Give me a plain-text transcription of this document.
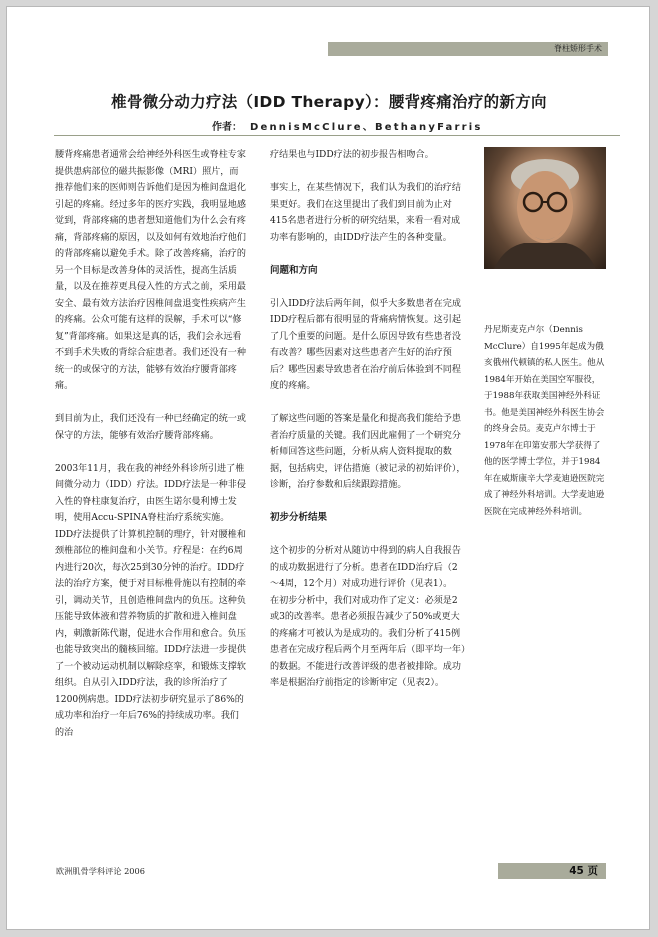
脊柱矫形手术
椎骨微分动力疗法（IDD Therapy）：腰背疼痛治疗的新方向
作者： DennisMcClure、BethanyFarris

腰背疼痛患者通常会给神经外科医生或脊柱专家提供患病部位的磁共振影像（MRI）照片，而推荐他们来的医师则告诉他们是因为椎间盘退化引起的疼痛。经过多年的医疗实践，我明显地感觉到，背部疼痛的患者想知道他们为什么会有疼痛，背部疼痛的原因，以及如何有效地治疗他们的背部疼痛以避免手术。除了改善疼痛，治疗的另一个目标是改善身体的灵活性，提高生活质量，以及在推荐更具侵入性的方式之前，采用最安全、最有效方法治疗因椎间盘退变性疾病产生的疼痛。公众可能有这样的误解，手术可以“修复”背部疼痛。如果这是真的话，我们会永远看不到手术失败的背综合症患者。我们还没有一种统一的或保守的方法，能够有效治疗腰背部疼痛。

到目前为止，我们还没有一种已经确定的统一或保守的方法，能够有效治疗腰背部疼痛。

2003年11月，我在我的神经外科诊所引进了椎间微分动力（IDD）疗法。IDD疗法是一种非侵入性的脊柱康复治疗，由医生诺尔曼利博士发明，使用Accu-SPINA脊柱治疗系统实施。IDD疗法提供了计算机控制的理疗，针对腰椎和颈椎部位的椎间盘和小关节。疗程是：在约6周内进行20次，每次25到30分钟的治疗。IDD疗法的治疗方案，便于对目标椎骨施以有控制的牵引，调动关节，且创造椎间盘内的负压。这种负压能导致体液和营养物质的扩散和进入椎间盘内，刺激新陈代谢，促进水合作用和愈合。负压也能导致突出的髓核回缩。IDD疗法进一步提供了一个被动运动机制以解除痉挛，和锻炼支撑软组织。自从引入IDD疗法，我的诊所治疗了1200例病患。IDD疗法初步研究显示了86%的成功率和治疗一年后76%的持续成功率。我们的治

疗结果也与IDD疗法的初步报告相吻合。

事实上，在某些情况下，我们认为我们的治疗结果更好。我们在这里提出了我们到目前为止对415名患者进行分析的研究结果，来看一看对成功率有影响的，由IDD疗法产生的各种变量。

问题和方向

引入IDD疗法后两年间，似乎大多数患者在完成IDD疗程后都有很明显的背痛病情恢复。这引起了几个重要的问题。是什么原因导致有些患者没有改善？哪些因素对这些患者产生好的治疗预后？哪些因素导致患者在治疗前后体验到不同程度的疼痛。

了解这些问题的答案是量化和提高我们能给予患者治疗质量的关键。我们因此雇佣了一个研究分析师回答这些问题，分析从病人资料提取的数据，包括病史，评估措施（被记录的初始评价），诊断，治疗参数和后续跟踪措施。

初步分析结果

这个初步的分析对从随访中得到的病人自我报告的成功数据进行了分析。患者在IDD治疗后（2～4周，12个月）对成功进行评价（见表1）。

在初步分析中，我们对成功作了定义：必须是2或3的改善率。患者必须报告减少了50%或更大的疼痛才可被认为是成功的。我们分析了415例患者在完成疗程后两个月至两年后（即平均一年）的数据。不能进行改善评级的患者被排除。成功率是根据治疗前指定的诊断审定（见表2）。

丹尼斯麦克卢尔（Dennis McClure）自1995年起成为俄亥俄州代顿镇的私人医生。他从1984年开始在美国空军服役，于1988年获取美国神经外科证书。他是美国神经外科医生协会的终身会员。麦克卢尔博士于1978年在印第安那大学获得了他的医学博士学位，并于1984年在威斯康辛大学麦迪逊医院完成了神经外科培训。大学麦迪逊医院在完成神经外科培训。
欧洲肌骨学科评论 2006	45 页
